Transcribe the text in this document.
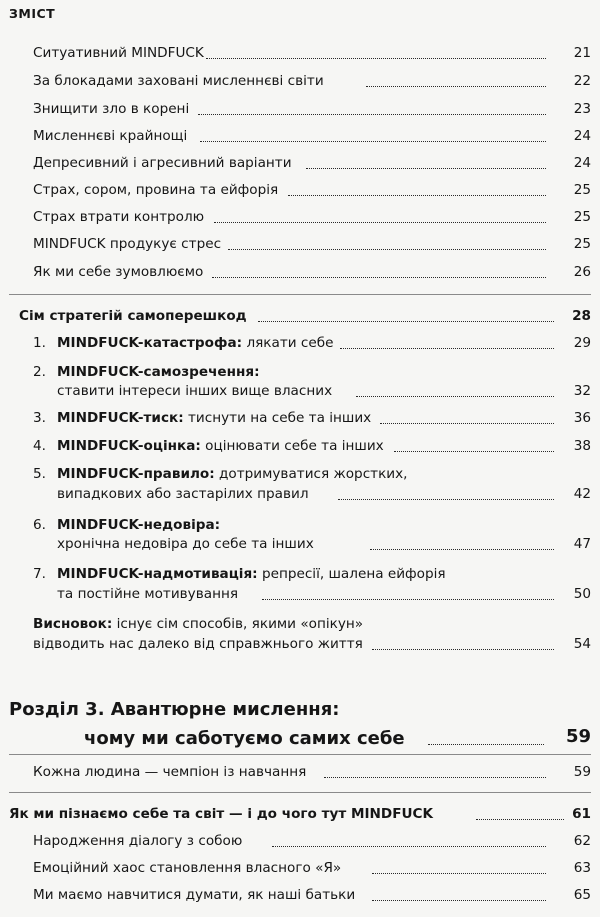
ЗМІСТ
Ситуативний MINDFUCK	21
За блокадами заховані мисленнєві світи	22
Знищити зло в корені	23
Мисленнєві крайнощі	24
Депресивний і агресивний варіанти	24
Страх, сором, провина та ейфорія	25
Страх втрати контролю	25
MINDFUCK продукує стрес	25
Як ми себе зумовлюємо	26
Сім стратегій самоперешкод	28
1. MINDFUCK-катастрофа: лякати себе	29
2. MINDFUCK-самозречення:
ставити інтереси інших вище власних	32
3. MINDFUCK-тиск: тиснути на себе та інших	36
4. MINDFUCK-оцінка: оцінювати себе та інших	38
5. MINDFUCK-правило: дотримуватися жорстких,
випадкових або застарілих правил	42
6. MINDFUCK-недовіра:
хронічна недовіра до себе та інших	47
7. MINDFUCK-надмотивація: репресії, шалена ейфорія
та постійне мотивування	50
Висновок: існує сім способів, якими «опікун»
відводить нас далеко від справжнього життя	54
Розділ 3. Авантюрне мислення:
чому ми саботуємо самих себе	59
Кожна людина — чемпіон із навчання	59
Як ми пізнаємо себе та світ — і до чого тут MINDFUCK	61
Народження діалогу з собою	62
Емоційний хаос становлення власного «Я»	63
Ми маємо навчитися думати, як наші батьки	65
